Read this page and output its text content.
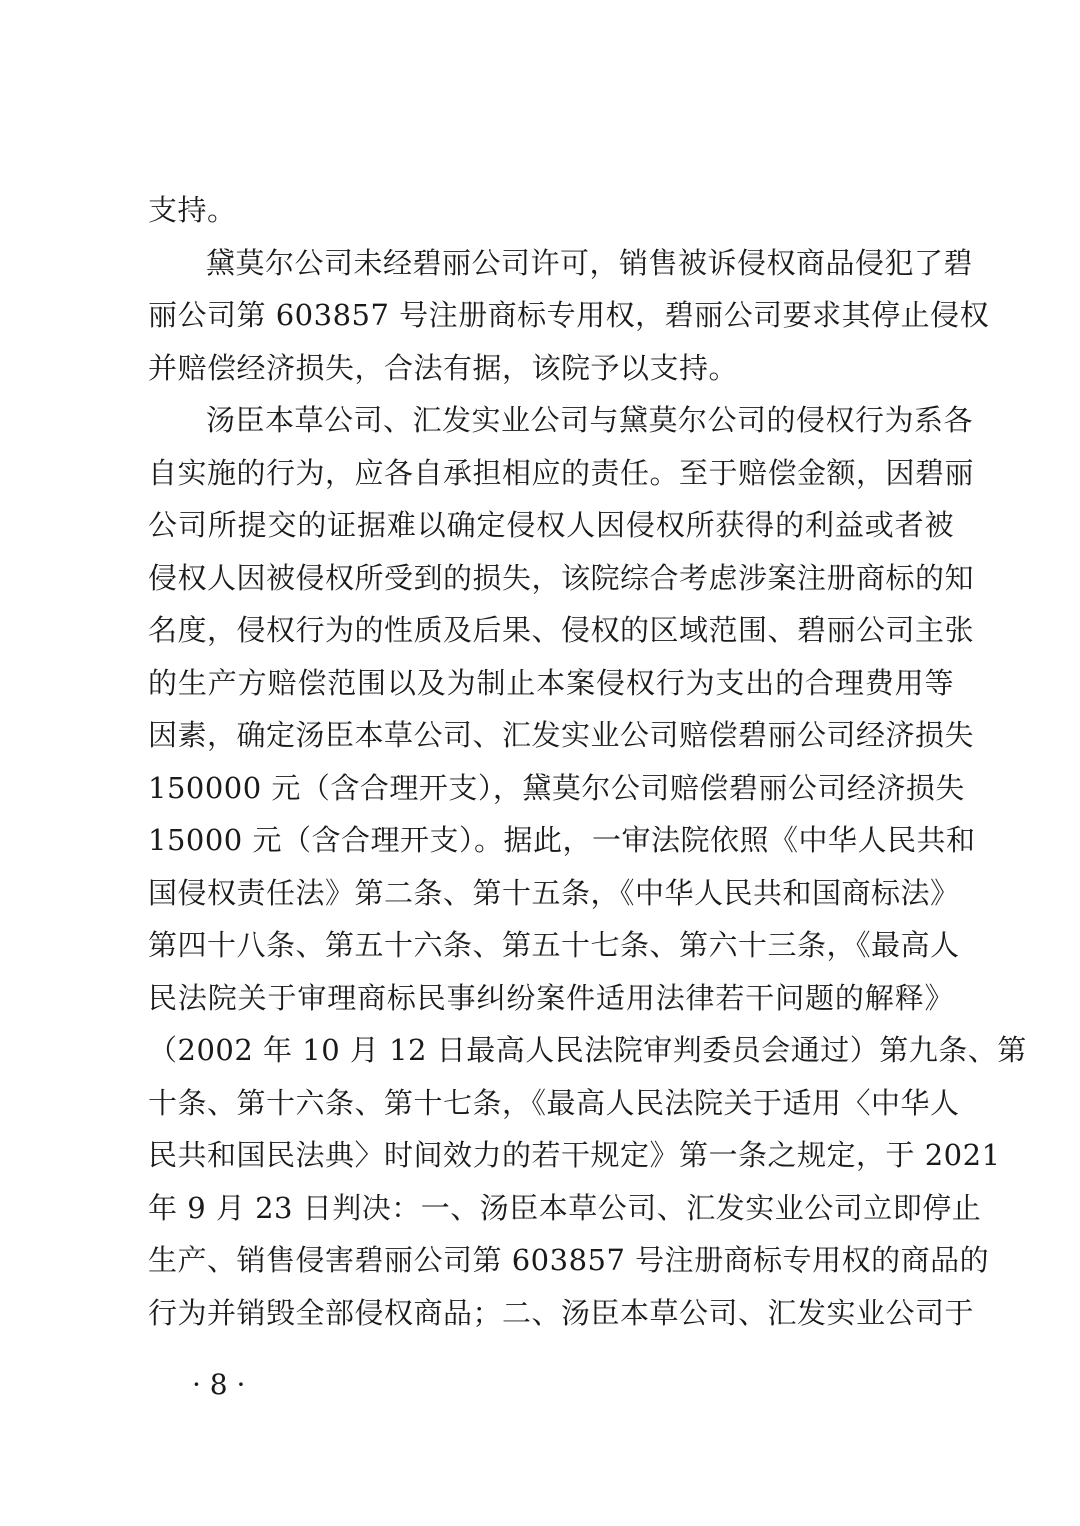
支持。
黛莫尔公司未经碧丽公司许可，销售被诉侵权商品侵犯了碧
丽公司第 603857 号注册商标专用权，碧丽公司要求其停止侵权
并赔偿经济损失，合法有据，该院予以支持。
汤臣本草公司、汇发实业公司与黛莫尔公司的侵权行为系各
自实施的行为，应各自承担相应的责任。至于赔偿金额，因碧丽
公司所提交的证据难以确定侵权人因侵权所获得的利益或者被
侵权人因被侵权所受到的损失，该院综合考虑涉案注册商标的知
名度，侵权行为的性质及后果、侵权的区域范围、碧丽公司主张
的生产方赔偿范围以及为制止本案侵权行为支出的合理费用等
因素，确定汤臣本草公司、汇发实业公司赔偿碧丽公司经济损失
150000 元（含合理开支），黛莫尔公司赔偿碧丽公司经济损失
15000 元（含合理开支）。据此，一审法院依照《中华人民共和
国侵权责任法》第二条、第十五条，《中华人民共和国商标法》
第四十八条、第五十六条、第五十七条、第六十三条，《最高人
民法院关于审理商标民事纠纷案件适用法律若干问题的解释》
（2002 年 10 月 12 日最高人民法院审判委员会通过）第九条、第
十条、第十六条、第十七条，《最高人民法院关于适用〈中华人
民共和国民法典〉时间效力的若干规定》第一条之规定，于 2021
年 9 月 23 日判决：一、汤臣本草公司、汇发实业公司立即停止
生产、销售侵害碧丽公司第 603857 号注册商标专用权的商品的
行为并销毁全部侵权商品；二、汤臣本草公司、汇发实业公司于
· 8 ·
